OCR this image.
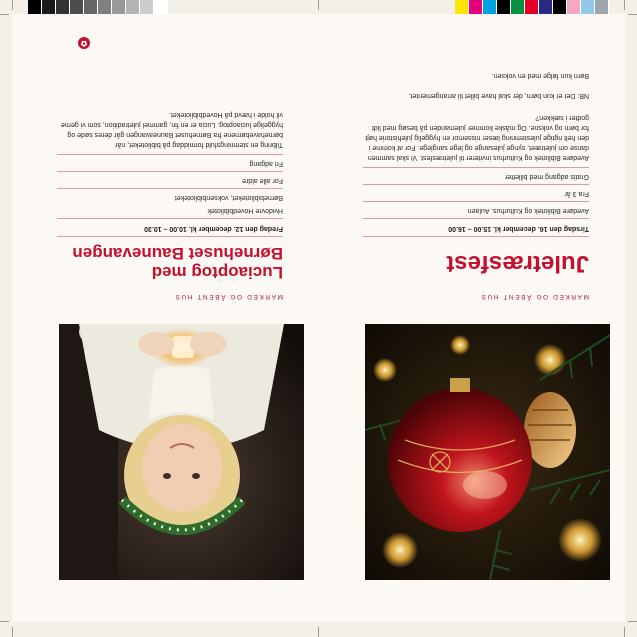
MARKED OG ÅBENT HUS
Luciaoptog med
Børnehuset Baunevangen
Fredag den 12. december kl. 10.00 – 10.30
Hvidovre Hovedbibliotek
Børnebiblioteket, voksenbiblioteket
For alle aldre
Fri adgang

Tilbring en stemningsfuld formiddag på biblioteket, når børnehavebørnene fra Børnehuset Bauneavangen går deres søde og hyggelige luciaoptog. Lucia er en fin, gammel juletradition, som vi gerne vil holde i hævd på Hovedbiblioteket.

✿
MARKED OG ÅBENT HUS
Juletræsfest
Tirsdag den 16. december kl. 15.00 – 16.00
Avedøre Bibliotek og Kulturhus. Aulaen
Fra 3 år
Gratis adgang med billetter

Avedøre Bibliotek og Kulturhus inviterer til juletræsfest. Vi skal sammen danse om juletræet, synge julesange og lege sanglege. For at komme i den helt rigtige julestemning læser nissemor en hyggelig julehistorie højt for børn og voksne. Og måske kommer julemanden på besøg med lidt godter i sækken?

NB: Det er kun børn, der skal have billet til arrangementet.

Børn kun følge med en voksen.
